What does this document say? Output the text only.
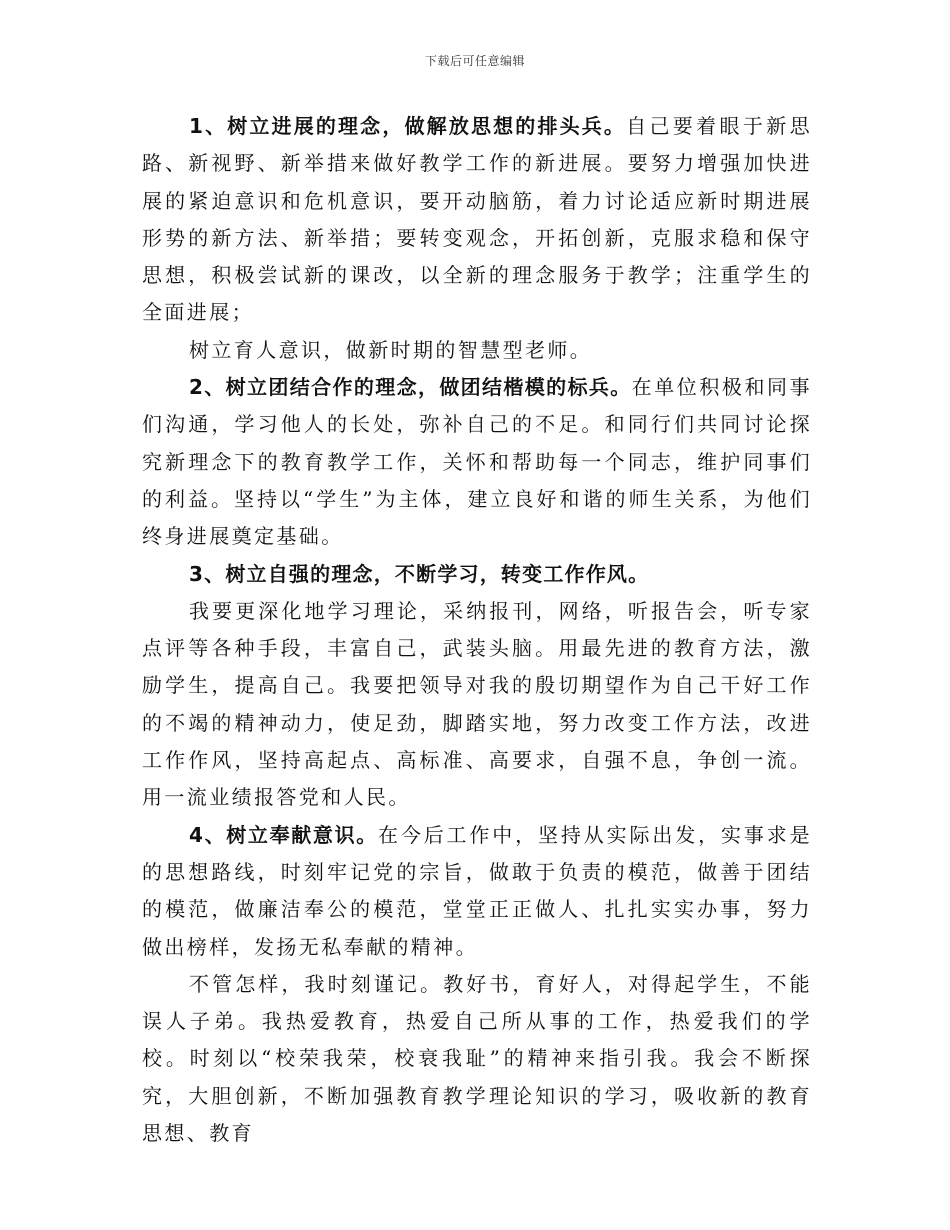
下载后可任意编辑

1、树立进展的理念，做解放思想的排头兵。自己要着眼于新思路、新视野、新举措来做好教学工作的新进展。要努力增强加快进展的紧迫意识和危机意识，要开动脑筋，着力讨论适应新时期进展形势的新方法、新举措；要转变观念，开拓创新，克服求稳和保守思想，积极尝试新的课改，以全新的理念服务于教学；注重学生的全面进展；

树立育人意识，做新时期的智慧型老师。

2、树立团结合作的理念，做团结楷模的标兵。在单位积极和同事们沟通，学习他人的长处，弥补自己的不足。和同行们共同讨论探究新理念下的教育教学工作，关怀和帮助每一个同志，维护同事们的利益。坚持以“学生”为主体，建立良好和谐的师生关系，为他们终身进展奠定基础。

3、树立自强的理念，不断学习，转变工作作风。

我要更深化地学习理论，采纳报刊，网络，听报告会，听专家点评等各种手段，丰富自己，武装头脑。用最先进的教育方法，激励学生，提高自己。我要把领导对我的殷切期望作为自己干好工作的不竭的精神动力，使足劲，脚踏实地，努力改变工作方法，改进工作作风，坚持高起点、高标准、高要求，自强不息，争创一流。用一流业绩报答党和人民。

4、树立奉献意识。在今后工作中，坚持从实际出发，实事求是的思想路线，时刻牢记党的宗旨，做敢于负责的模范，做善于团结的模范，做廉洁奉公的模范，堂堂正正做人、扎扎实实办事，努力做出榜样，发扬无私奉献的精神。

不管怎样，我时刻谨记。教好书，育好人，对得起学生，不能误人子弟。我热爱教育，热爱自己所从事的工作，热爱我们的学校。时刻以“校荣我荣，校衰我耻”的精神来指引我。我会不断探究，大胆创新，不断加强教育教学理论知识的学习，吸收新的教育思想、教育
